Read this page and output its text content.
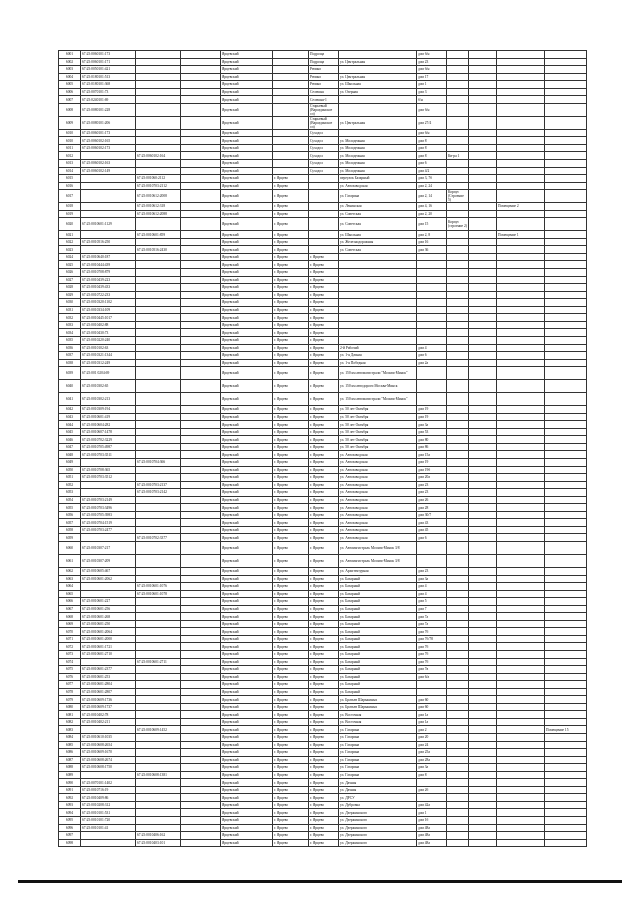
6001	67:25:0060101:173			Ярцевский		Подроща		дом б/н				
6002	67:25:0060101:171			Ярцевский		Подроща	ул. Центральная	дом 23				
6003	67:25:0050101:421			Ярцевский		Репино		дом б/н				
6004	67:25:0180101:513			Ярцевский		Репино	ул. Центральная	дом 17				
6005	67:25:0180101:368			Ярцевский		Репино	ул. Школьная	дом 1				
6006	67:25:0070101:73			Ярцевский		Селешня	ул. Озерная	дом 3				
6007	67:25:0240101:69			Ярцевский		Селешня-1		б/н				
6008	67:25:0080101:228			Ярцевский		Старьевый (Вараздинское сп)		дом б/н				
6009	67:25:0080101:206			Ярцевский		Старьевый (Вараздинское сп)	ул. Центральная	дом 27/4				
6010	67:25:0060101:173			Ярцевский		Суходол		дом б/н				
6010	67:25:0060102:165			Ярцевский		Суходол	ул. Молодежная	дом 8				
6011	67:25:0060102:173			Ярцевский		Суходол	ул. Молодежная	дом 8				
6012		67:25:0060102:164		Ярцевский		Суходол	ул. Молодежная	дом 8	Кв-ра 1			
6013	67:25:0060102:163			Ярцевский		Суходол	ул. Молодежная	дом 6				
6014	67:25:0060102:149			Ярцевский		Суходол	ул. Молодежная	дом 4/2				
6015		67:25:001060:2112		Ярцевский	г. Ярцево		переулок Базарный	дом 3, 7б				
6016		67:25:0010703:2112		Ярцевский	г. Ярцево		ул. Автозаводская	дом 2, 24				
6017		67:25:0010612:2008		Ярцевский	г. Ярцево		ул. Гагарина	дом 2, 14	Корпус (Строение 5)			
6018		67:25:0010612:318		Ярцевский	г. Ярцево		ул. Ленинская	дом 4, 16			Помещение 2	
6019		67:25:0010612:2088		Ярцевский	г. Ярцево		ул. Советская	дом 2, 20				
6020	67:25:0010601:1129			Ярцевский	г. Ярцево		ул. Советская	дом 15	Корпус (строение 2)			
6021		67:25:0010601:859		Ярцевский	г. Ярцево		ул. Школьная	дом 2, 8			Помещение 1	
6022	67:25:0010516:250			Ярцевский	г. Ярцево		ул. Железнодорожная	дом 16				
6023		67:25:0010516:2430		Ярцевский	г. Ярцево		ул. Советская	дом 36				
6024	67:25:0010640:187			Ярцевский	г. Ярцево	г. Ярцево						
6025	67:25:0010444:439			Ярцевский	г. Ярцево	г. Ярцево						
6026	67:25:0010708:879			Ярцевский	г. Ярцево	г. Ярцево						
6027	67:25:0010439:223			Ярцевский	г. Ярцево	г. Ярцево						
6028	67:25:0010439:433			Ярцевский	г. Ярцево	г. Ярцево						
6029	67:25:0010722:233			Ярцевский	г. Ярцево	г. Ярцево						
6030	67:25:0010320:1102			Ярцевский	г. Ярцево	г. Ярцево						
6031	67:25:0010334:109			Ярцевский	г. Ярцево	г. Ярцево						
6032	67:25:0010445:1017			Ярцевский	г. Ярцево	г. Ярцево						
6033	67:25:0010402:88			Ярцевский	г. Ярцево	г. Ярцево						
6034	67:25:0010430:73			Ярцевский	г. Ярцево	г. Ярцево						
6035	67:25:0010220:240			Ярцевский	г. Ярцево	г. Ярцево						
6036	67:25:0010102:63			Ярцевский	г. Ярцево	г. Ярцево	2-й Рабочий	дом 4				
6037	67:25:0010321:1344			Ярцевский	г. Ярцево	г. Ярцево	ул. 1-я Дачная	дом 6				
6038	67:25:0010312:249			Ярцевский	г. Ярцево	г. Ярцево	ул. 1-я Победная	дом 2а				
6039	67:25:001 0204:69			Ярцевский	г. Ярцево	г. Ярцево	ул. 150 км автомагистрали "Москва-Минск"					
6040	67:25:0010302:65			Ярцевский	г. Ярцево	г. Ярцево	ул. 150 км автодороги Москва-Минск					
6041	67:25:0010302:213			Ярцевский	г. Ярцево	г. Ярцево	ул. 150 км автомагистрали "Москва-Минск"					
6042	67:25:0010309:194			Ярцевский	г. Ярцево	г. Ярцево	ул. 50 лет Октября	дом 19				
6043	67:25:0010601:419			Ярцевский	г. Ярцево	г. Ярцево	ул. 50 лет Октября	дом 19				
6044	67:25:0010604:282			Ярцевский	г. Ярцево	г. Ярцево	ул. 50 лет Октября	дом 3а				
6045	67:25:0010607:1478			Ярцевский	г. Ярцево	г. Ярцево	ул. 50 лет Октября	дом 53				
6046	67:25:0010702:3229			Ярцевский	г. Ярцево	г. Ярцево	ул. 50 лет Октября	дом 80				
6047	67:25:0010705:4987			Ярцевский	г. Ярцево	г. Ярцево	ул. 50 лет Октября	дом 86				
6048	67:25:0010703:3511			Ярцевский	г. Ярцево	г. Ярцево	ул. Автозаводская	дом 15а				
6049		67:25:0010704:366		Ярцевский	г. Ярцево	г. Ярцево	ул. Автозаводская	дом 19				
6050	67:25:0010708:365			Ярцевский	г. Ярцево	г. Ярцево	ул. Автозаводская	дом 19б				
6051	67:25:0010703:3512			Ярцевский	г. Ярцево	г. Ярцево	ул. Автозаводская	дом 20а				
6052		67:25:0010703:2137		Ярцевский	г. Ярцево	г. Ярцево	ул. Автозаводская	дом 23				
6053		67:25:0010703:2142		Ярцевский	г. Ярцево	г. Ярцево	ул. Автозаводская	дом 23				
6054	67:25:0010703:2149			Ярцевский	г. Ярцево	г. Ярцево	ул. Автозаводская	дом 26				
6055	67:25:0010703:3496			Ярцевский	г. Ярцево	г. Ярцево	ул. Автозаводская	дом 28				
6056	67:25:0010705:3983			Ярцевский	г. Ярцево	г. Ярцево	ул. Автозаводская	дом 30/7				
6057	67:25:0010704:1519			Ярцевский	г. Ярцево	г. Ярцево	ул. Автозаводская	дом 43				
6058	67:25:0010703:2477			Ярцевский	г. Ярцево	г. Ярцево	ул. Автозаводская	дом 45				
6059		67:25:0010702:3377		Ярцевский	г. Ярцево	г. Ярцево	ул. Автозаводская	дом 6				
6060	67:25:0010307:217			Ярцевский	г. Ярцево	г. Ярцево	ул. Автомагистраль Москва-Минск 3/8					
6061	67:25:0010307:209			Ярцевский	г. Ярцево	г. Ярцево	ул. Автомагистраль Москва-Минск 3/8					
6062	67:25:0010605:467			Ярцевский	г. Ярцево	г. Ярцево	ул. Архитектурная	дом 23				
6063	67:25:0010601:2062			Ярцевский	г. Ярцево	г. Ярцево	ул. Базарный	дом 3а				
6064		67:25:0010601:1076		Ярцевский	г. Ярцево	г. Ярцево	ул. Базарный	дом 4				
6065		67:25:0010601:1078		Ярцевский	г. Ярцево	г. Ярцево	ул. Базарный	дом 4				
6066	67:25:0010601:227			Ярцевский	г. Ярцево	г. Ярцево	ул. Базарный	дом 5				
6067	67:25:0010601:256			Ярцевский	г. Ярцево	г. Ярцево	ул. Базарный	дом 7				
6068	67:25:0010601:268			Ярцевский	г. Ярцево	г. Ярцево	ул. Базарный	дом 7а				
6069	67:25:0010601:250			Ярцевский	г. Ярцево	г. Ярцево	ул. Базарный	дом 7а				
6070	67:25:0010601:2064			Ярцевский	г. Ярцево	г. Ярцево	ул. Базарный	дом 7б				
6071	67:25:0010601:2000			Ярцевский	г. Ярцево	г. Ярцево	ул. Базарный	дом 7б/78				
6072	67:25:0010601:1721			Ярцевский	г. Ярцево	г. Ярцево	ул. Базарный	дом 7б				
6073	67:25:0010601:2710			Ярцевский	г. Ярцево	г. Ярцево	ул. Базарный	дом 7б				
6074		67:25:0010601:2711		Ярцевский	г. Ярцево	г. Ярцево	ул. Базарный	дом 7б				
6075	67:25:0010601:2377			Ярцевский	г. Ярцево	г. Ярцево	ул. Базарный	дом 7в				
6076	67:25:0010601:253			Ярцевский	г. Ярцево	г. Ярцево	ул. Базарный	дом 6/а				
6077	67:25:0010601:2804			Ярцевский	г. Ярцево	г. Ярцево	ул. Базарный					
6078	67:25:0010601:2807			Ярцевский	г. Ярцево	г. Ярцево	ул. Базарный					
6079	67:25:0010609:1736			Ярцевский	г. Ярцево	г. Ярцево	ул. Братьев Шарыкиных	дом 60				
6080	67:25:0010609:1737			Ярцевский	г. Ярцево	г. Ярцево	ул. Братьев Шарыкиных	дом 60				
6081	67:25:0010402:78			Ярцевский	г. Ярцево	г. Ярцево	ул. Восточная	дом 1а				
6082	67:25:0010402:211			Ярцевский	г. Ярцево	г. Ярцево	ул. Восточная	дом 1а				
6083		67:25:0010609:1452		Ярцевский	г. Ярцево	г. Ярцево	ул. Гагарина	дом 2				Помещение 15
6084	67:25:0010610:1035			Ярцевский	г. Ярцево	г. Ярцево	ул. Гагарина	дом 20				
6085	67:25:0010608:2654			Ярцевский	г. Ярцево	г. Ярцево	ул. Гагарина	дом 24				
6086	67:25:0010609:1670			Ярцевский	г. Ярцево	г. Ярцево	ул. Гагарина	дом 25а				
6087	67:25:0010608:2674			Ярцевский	г. Ярцево	г. Ярцево	ул. Гагарина	дом 28а				
6088	67:25:0010608:1750			Ярцевский	г. Ярцево	г. Ярцево	ул. Гагарина	дом 3а				
6089		67:25:0010608:1381		Ярцевский	г. Ярцево	г. Ярцево	ул. Гагарина	дом 8				
6090	67:25:0070101:1402			Ярцевский	г. Ярцево	г. Ярцево	ул. Дачная					
6091	67:25:0010716:19			Ярцевский	г. Ярцево	г. Ярцево	ул. Дачная	дом 2б				
6092	67:25:0010409:86			Ярцевский	г. Ярцево	г. Ярцево	ул. ДРСУ					
6093	67:25:0010208:312			Ярцевский	г. Ярцево	г. Ярцево	ул. Дубровка	дом 42а				
6094	67:25:0010101:531			Ярцевский	г. Ярцево	г. Ярцево	ул. Дзержинского	дом 1				
6095	67:25:0010101:720			Ярцевский	г. Ярцево	г. Ярцево	ул. Дзержинского	дом 1б				
6096	67:25:0010101:41			Ярцевский	г. Ярцево	г. Ярцево	ул. Дзержинского	дом 48а				
6097		67:25:0010406:162		Ярцевский	г. Ярцево	г. Ярцево	ул. Дзержинского	дом 48а				
6098		67:25:0010403:101		Ярцевский	г. Ярцево	г. Ярцево	ул. Дзержинского	дом 48а				
